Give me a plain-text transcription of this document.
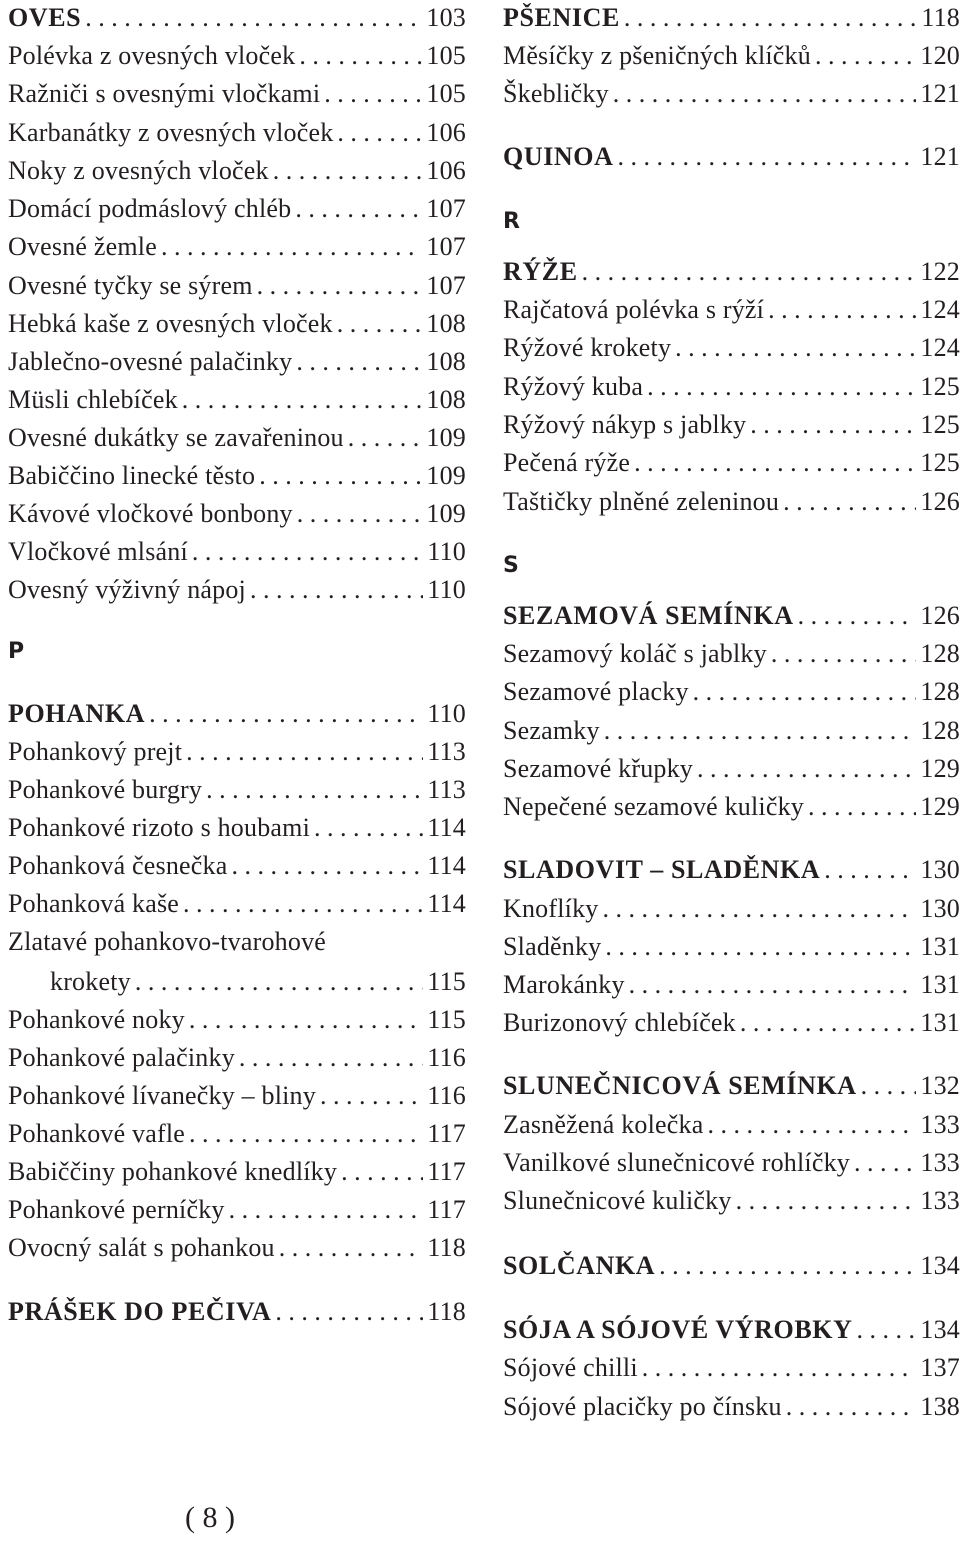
OVES . . .	103
Polévka z ovesných vloček . . .	105
Ražniči s ovesnými vločkami . . .	105
Karbanátky z ovesných vloček . . .	106
Noky z ovesných vloček . . .	106
Domácí podmáslový chléb . . .	107
Ovesné žemle . . .	107
Ovesné tyčky se sýrem . . .	107
Hebká kaše z ovesných vloček . . .	108
Jablečno-ovesné palačinky . . .	108
Müsli chlebíček . . .	108
Ovesné dukátky se zavařeninou . . .	109
Babiččino linecké těsto . . .	109
Kávové vločkové bonbony . . .	109
Vločkové mlsání . . .	110
Ovesný výživný nápoj . . .	110
P
POHANKA . . .	110
Pohankový prejt . . .	113
Pohankové burgry . . .	113
Pohankové rizoto s houbami . . .	114
Pohanková česnečka . . .	114
Pohanková kaše . . .	114
Zlatavé pohankovo-tvarohové
krokety . . .	115
Pohankové noky . . .	115
Pohankové palačinky . . .	116
Pohankové lívanečky – bliny . . .	116
Pohankové vafle . . .	117
Babiččiny pohankové knedlíky . . .	117
Pohankové perníčky . . .	117
Ovocný salát s pohankou . . .	118
PRÁŠEK DO PEČIVA . . .	118
PŠENICE . . .	118
Měsíčky z pšeničných klíčků . . .	120
Škebličky . . .	121
QUINOA . . .	121
R
RÝŽE . . .	122
Rajčatová polévka s rýží . . .	124
Rýžové krokety . . .	124
Rýžový kuba . . .	125
Rýžový nákyp s jablky . . .	125
Pečená rýže . . .	125
Taštičky plněné zeleninou . . .	126
S
SEZAMOVÁ SEMÍNKA . . .	126
Sezamový koláč s jablky . . .	128
Sezamové placky . . .	128
Sezamky . . .	128
Sezamové křupky . . .	129
Nepečené sezamové kuličky . . .	129
SLADOVIT – SLADĚNKA . . .	130
Knoflíky . . .	130
Sladěnky . . .	131
Marokánky . . .	131
Burizonový chlebíček . . .	131
SLUNEČNICOVÁ SEMÍNKA . . . 132
Zasněžená kolečka . . .	133
Vanilkové slunečnicové rohlíčky . . .	133
Slunečnicové kuličky . . .	133
SOLČANKA . . .	134
SÓJA A SÓJOVÉ VÝROBKY . . .	134
Sójové chilli . . .	137
Sójové placičky po čínsku . . .	138
( 8 )
